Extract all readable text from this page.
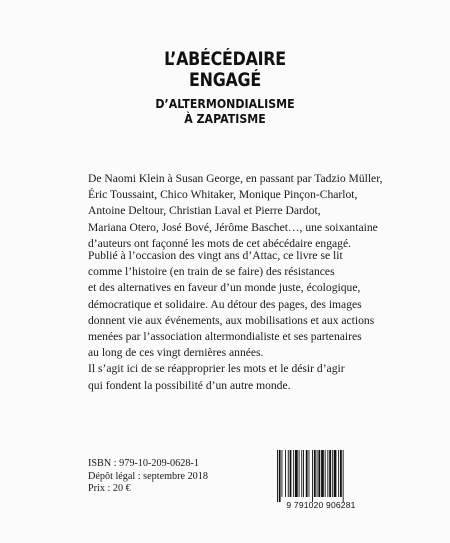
L’ABÉCÉDAIRE
ENGAGÉ
D’ALTERMONDIALISME
À ZAPATISME
De Naomi Klein à Susan George, en passant par Tadzio Müller,
Éric Toussaint, Chico Whitaker, Monique Pinçon-Charlot,
Antoine Deltour, Christian Laval et Pierre Dardot,
Mariana Otero, José Bové, Jérôme Baschet…, une soixantaine
d’auteurs ont façonné les mots de cet abécédaire engagé.
Publié à l’occasion des vingt ans d’Attac, ce livre se lit
comme l’histoire (en train de se faire) des résistances
et des alternatives en faveur d’un monde juste, écologique,
démocratique et solidaire. Au détour des pages, des images
donnent vie aux événements, aux mobilisations et aux actions
menées par l’association altermondialiste et ses partenaires
au long de ces vingt dernières années.
Il s’agit ici de se réapproprier les mots et le désir d’agir
qui fondent la possibilité d’un autre monde.
ISBN : 979-10-209-0628-1
Dépôt légal : septembre 2018
Prix : 20 €
9 791020 906281
